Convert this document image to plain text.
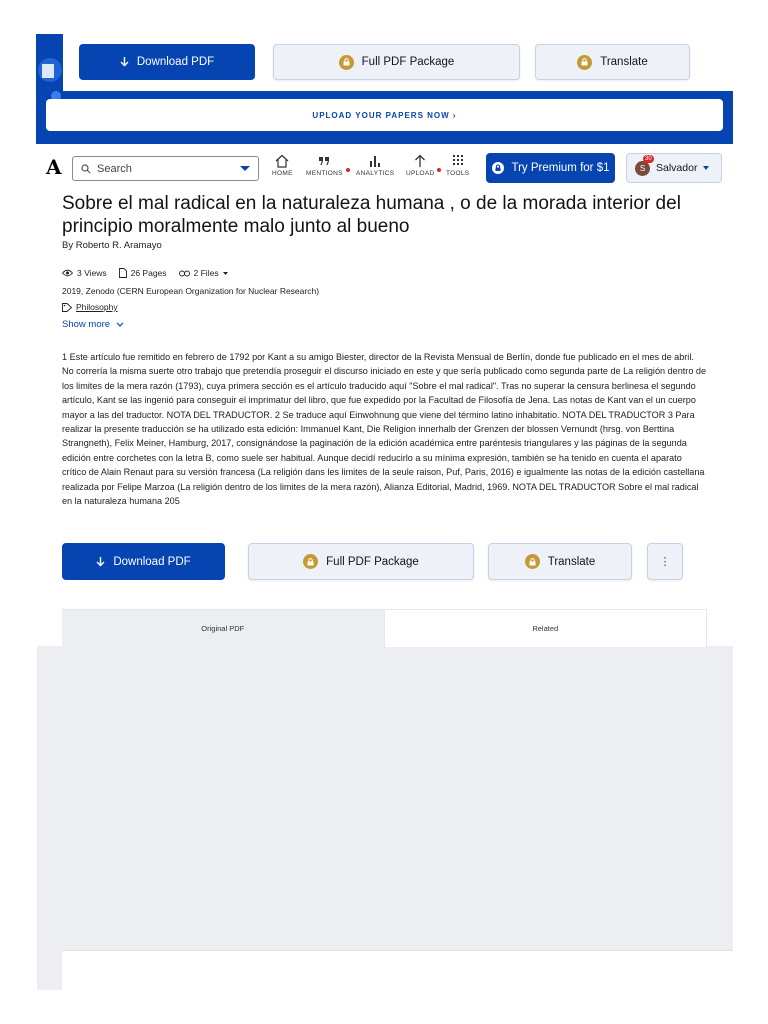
×
UPLOAD YOUR PAPERS NOW ›
Download PDF	Full PDF Package	Translate
A	Search	HOME MENTIONS ANALYTICS UPLOAD TOOLS	Try Premium for $1	S
30
Salvador
Sobre el mal radical en la naturaleza humana , o de la morada interior del principio moralmente malo junto al bueno
By Roberto R. Aramayo
3 Views	26 Pages	2 Files
2019, Zenodo (CERN European Organization for Nuclear Research)
Philosophy
Show more

1 Este artículo fue remitido en febrero de 1792 por Kant a su amigo Biester, director de la Revista Mensual de Berlín, donde fue publicado en el mes de abril. No correría la misma suerte otro trabajo que pretendía proseguir el discurso iniciado en este y que sería publicado como segunda parte de La religión dentro de los limites de la mera razón (1793), cuya primera sección es el artículo traducido aquí "Sobre el mal radical". Tras no superar la censura berlinesa el segundo artículo, Kant se las ingenió para conseguir el imprimatur del libro, que fue expedido por la Facultad de Filosofía de Jena. Las notas de Kant van el un cuerpo mayor a las del traductor. NOTA DEL TRADUCTOR. 2 Se traduce aquí Einwohnung que viene del término latino inhabitatio. NOTA DEL TRADUCTOR 3 Para realizar la presente traducción se ha utilizado esta edición: Immanuel Kant, Die Religion innerhalb der Grenzen der blossen Vernundt (hrsg. von Berttina Strangneth), Felix Meiner, Hamburg, 2017, consignándose la paginación de la edición académica entre paréntesis triangulares y las páginas de la segunda edición entre corchetes con la letra B, como suele ser habitual. Aunque decidí reducirlo a su mínima expresión, también se ha tenido en cuenta el aparato crítico de Alain Renaut para su versión francesa (La religión dans les limites de la seule raison, Puf, Paris, 2016) e igualmente las notas de la edición castellana realizada por Felipe Marzoa (La religión dentro de los limites de la mera razón), Alianza Editorial, Madrid, 1969. NOTA DEL TRADUCTOR Sobre el mal radical en la naturaleza humana 205

Download PDF	Full PDF Package	Translate	⋮
Original PDF	Related
